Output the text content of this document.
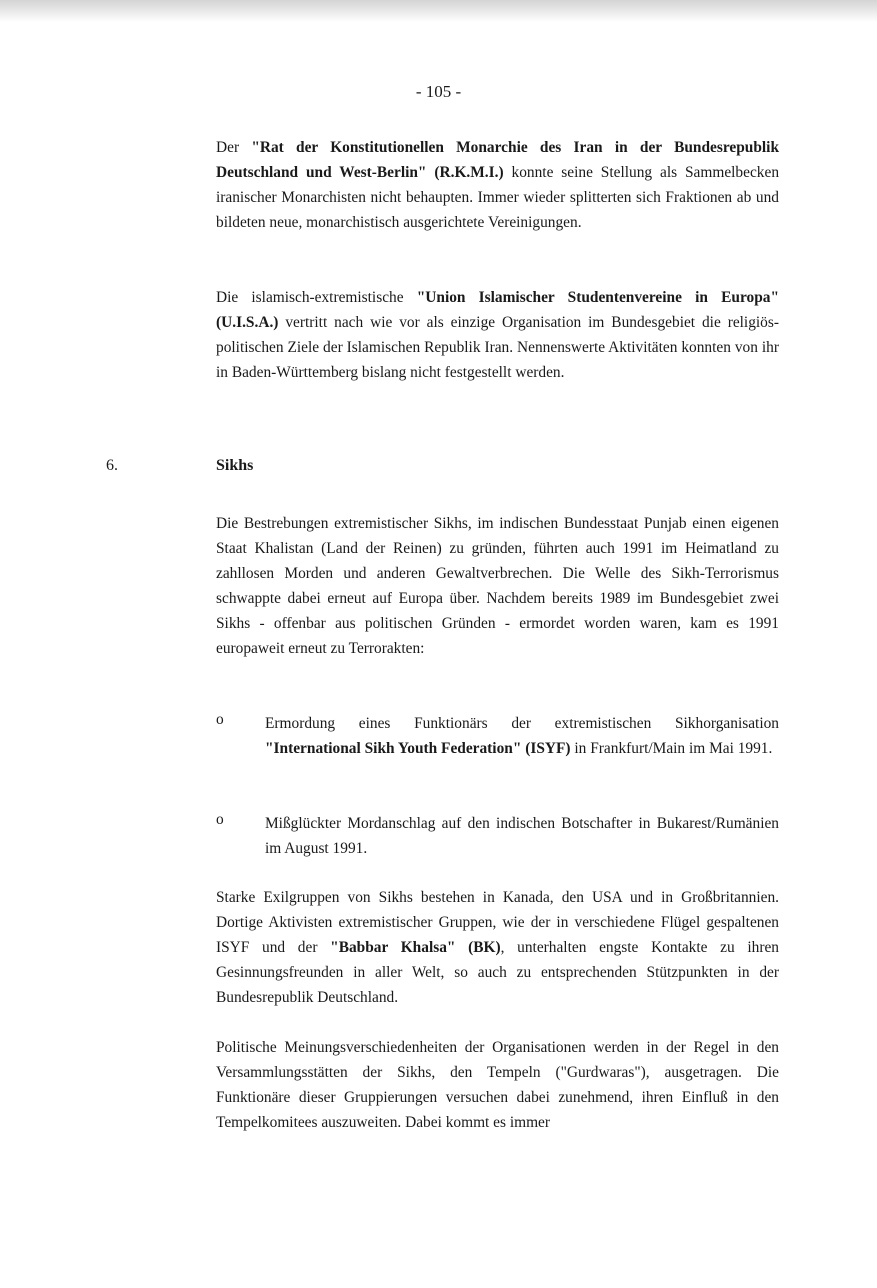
- 105 -
Der "Rat der Konstitutionellen Monarchie des Iran in der Bundesrepublik Deutschland und West-Berlin" (R.K.M.I.) konnte seine Stellung als Sammelbecken iranischer Monarchisten nicht behaupten. Immer wieder splitterten sich Fraktionen ab und bildeten neue, monarchistisch ausgerichtete Vereinigungen.
Die islamisch-extremistische "Union Islamischer Studentenvereine in Europa" (U.I.S.A.) vertritt nach wie vor als einzige Organisation im Bundesgebiet die religiös-politischen Ziele der Islamischen Republik Iran. Nennenswerte Aktivitäten konnten von ihr in Baden-Württemberg bislang nicht festgestellt werden.
6.	Sikhs
Die Bestrebungen extremistischer Sikhs, im indischen Bundesstaat Punjab einen eigenen Staat Khalistan (Land der Reinen) zu gründen, führten auch 1991 im Heimatland zu zahllosen Morden und anderen Gewaltverbrechen. Die Welle des Sikh-Terrorismus schwappte dabei erneut auf Europa über. Nachdem bereits 1989 im Bundesgebiet zwei Sikhs - offenbar aus politischen Gründen - ermordet worden waren, kam es 1991 europaweit erneut zu Terrorakten:
o	Ermordung eines Funktionärs der extremistischen Sikhorganisation "International Sikh Youth Federation" (ISYF) in Frankfurt/Main im Mai 1991.
o	Mißglückter Mordanschlag auf den indischen Botschafter in Bukarest/Rumänien im August 1991.
Starke Exilgruppen von Sikhs bestehen in Kanada, den USA und in Großbritannien. Dortige Aktivisten extremistischer Gruppen, wie der in verschiedene Flügel gespaltenen ISYF und der "Babbar Khalsa" (BK), unterhalten engste Kontakte zu ihren Gesinnungsfreunden in aller Welt, so auch zu entsprechenden Stützpunkten in der Bundesrepublik Deutschland.
Politische Meinungsverschiedenheiten der Organisationen werden in der Regel in den Versammlungsstätten der Sikhs, den Tempeln ("Gurdwaras"), ausgetragen. Die Funktionäre dieser Gruppierungen versuchen dabei zunehmend, ihren Einfluß in den Tempelkomitees auszuweiten. Dabei kommt es immer
